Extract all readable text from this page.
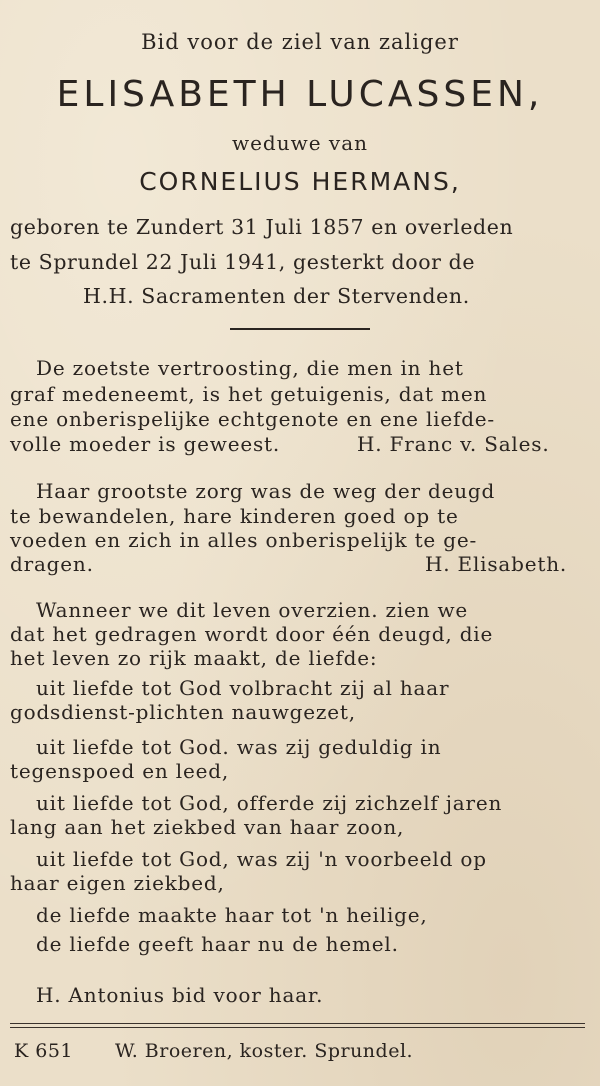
Bid voor de ziel van zaliger
ELISABETH LUCASSEN,
weduwe van
CORNELIUS HERMANS,
geboren te Zundert 31 Juli 1857 en overleden
te Sprundel 22 Juli 1941, gesterkt door de
H.H. Sacramenten der Stervenden.
De zoetste vertroosting, die men in het
graf medeneemt, is het getuigenis, dat men
ene onberispelijke echtgenote en ene liefde-
volle moeder is geweest.	H. Franc v. Sales.
Haar grootste zorg was de weg der deugd
te bewandelen, hare kinderen goed op te
voeden en zich in alles onberispelijk te ge-
dragen.	H. Elisabeth.
Wanneer we dit leven overzien. zien we
dat het gedragen wordt door één deugd, die
het leven zo rijk maakt, de liefde:
uit liefde tot God volbracht zij al haar
godsdienst-plichten nauwgezet,
uit liefde tot God. was zij geduldig in
tegenspoed en leed,
uit liefde tot God, offerde zij zichzelf jaren
lang aan het ziekbed van haar zoon,
uit liefde tot God, was zij 'n voorbeeld op
haar eigen ziekbed,
de liefde maakte haar tot 'n heilige,
de liefde geeft haar nu de hemel.
H. Antonius bid voor haar.
K 651 W. Broeren, koster. Sprundel.
